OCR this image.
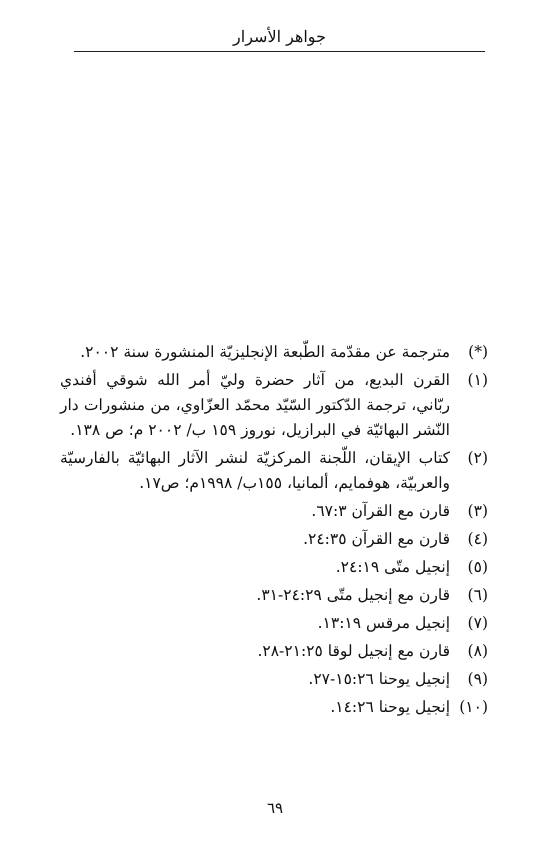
جواهر الأسرار
(*)
مترجمة عن مقدّمة الطّبعة الإنجليزيّة المنشورة سنة ٢٠٠٢.
(١)
القرن البديع، من آثار حضرة وليّ أمر الله شوقي أفندي ربّاني، ترجمة الدّكتور السّيّد محمّد العزّاوي، من منشورات دار النّشر البهائيّة في البرازيل، نوروز ١٥٩ ب/ ٢٠٠٢ م؛ ص ١٣٨.
(٢)
كتاب الإيقان، اللّجنة المركزيّة لنشر الآثار البهائيّة بالفارسيّة والعربيّة، هوفمايم، ألمانيا، ١٥٥ب/ ١٩٩٨م؛ ص١٧.
(٣)
قارن مع القرآن ٦٧:٣.
(٤)
قارن مع القرآن ٢٤:٣٥.
(٥)
إنجيل متّى ٢٤:١٩.
(٦)
قارن مع إنجيل متّى ٢٤:٢٩-٣١.
(٧)
إنجيل مرقس ١٣:١٩.
(٨)
قارن مع إنجيل لوقا ٢١:٢٥-٢٨.
(٩)
إنجيل يوحنا ١٥:٢٦-٢٧.
(١٠)
إنجيل يوحنا ١٤:٢٦.
٦٩
